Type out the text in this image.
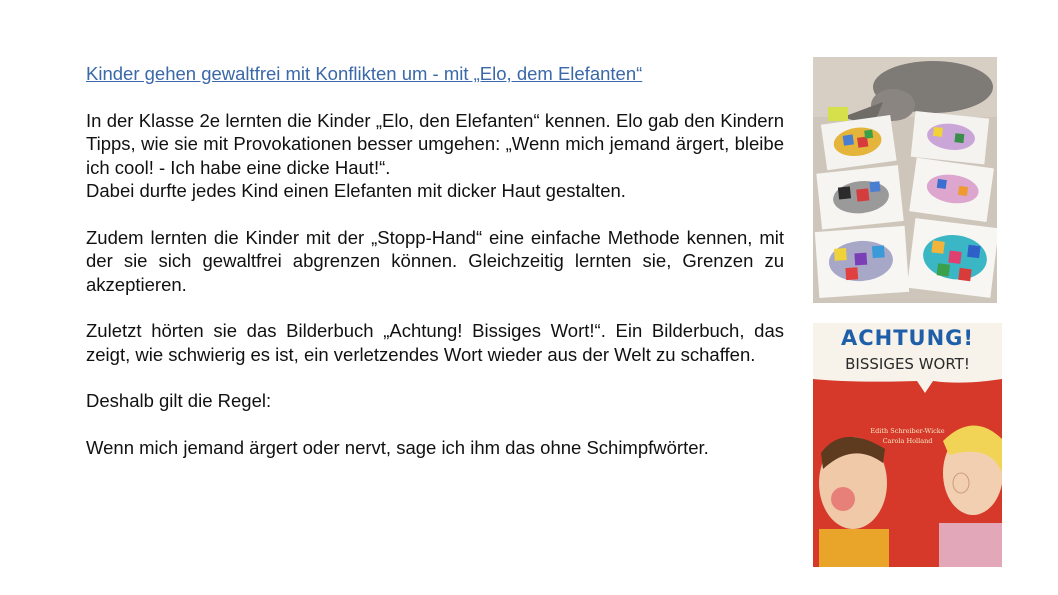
Kinder gehen gewaltfrei mit Konflikten um - mit „Elo, dem Elefanten“

In der Klasse 2e lernten die Kinder „Elo, den Elefanten“ kennen. Elo gab den Kindern Tipps, wie sie mit Provokationen besser umgehen: „Wenn mich jemand ärgert, bleibe ich cool! - Ich habe eine dicke Haut!“.
Dabei durfte jedes Kind einen Elefanten mit dicker Haut gestalten.

Zudem lernten die Kinder mit der „Stopp-Hand“ eine einfache Methode kennen, mit der sie sich gewaltfrei abgrenzen können. Gleichzeitig lernten sie, Grenzen zu akzeptieren.

Zuletzt hörten sie das Bilderbuch „Achtung! Bissiges Wort!“. Ein Bilderbuch, das zeigt, wie schwierig es ist, ein verletzendes Wort wieder aus der Welt zu schaffen.

Deshalb gilt die Regel:

Wenn mich jemand ärgert oder nervt, sage ich ihm das ohne Schimpfwörter.

ACHTUNG!
BISSIGES WORT!
Edith Schreiber-Wicke
Carola Holland
